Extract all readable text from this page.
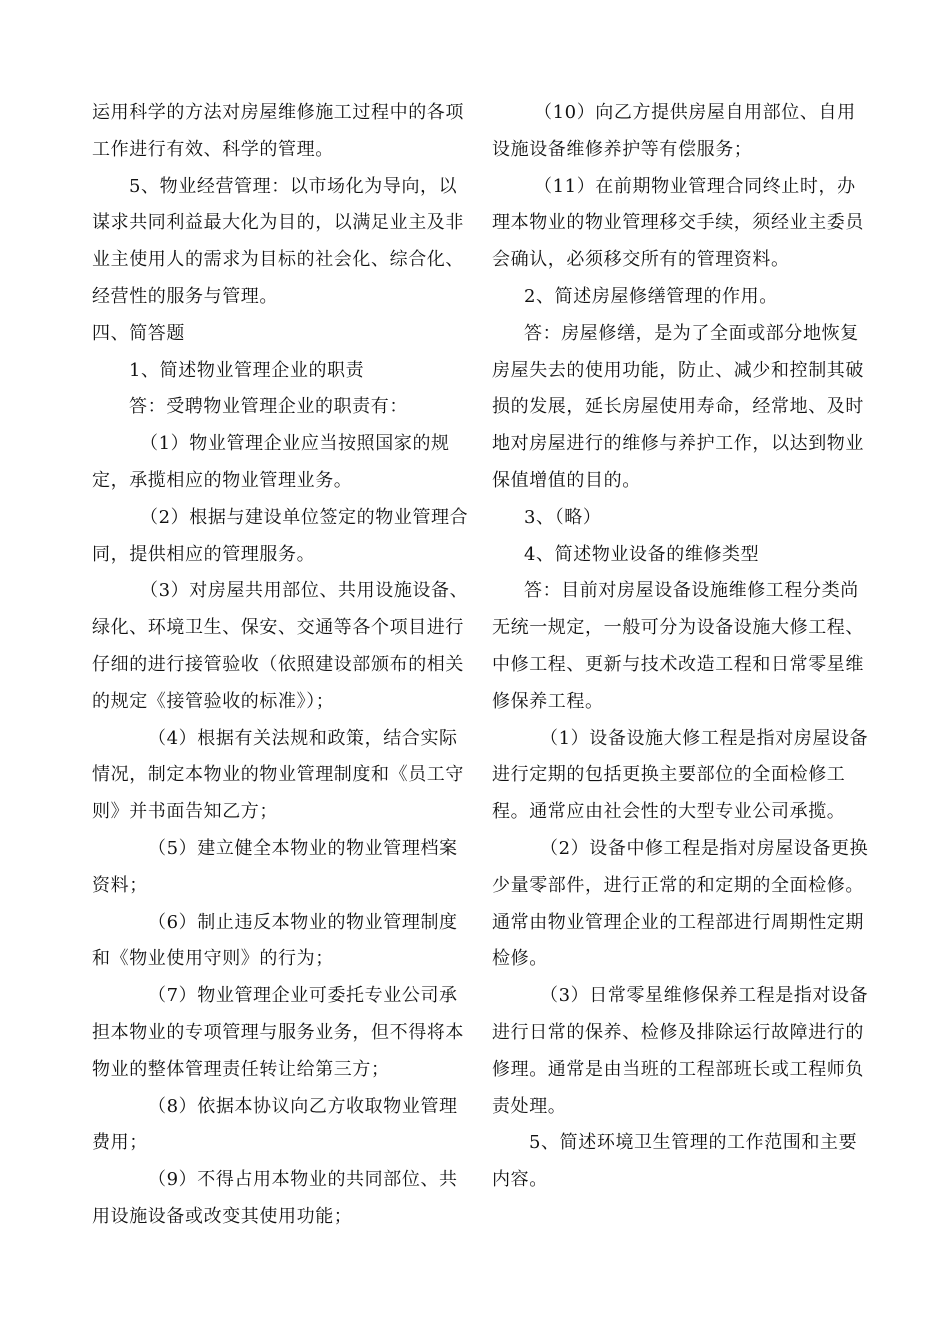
运用科学的方法对房屋维修施工过程中的各项工作进行有效、科学的管理。

5、物业经营管理：以市场化为导向，以谋求共同利益最大化为目的，以满足业主及非业主使用人的需求为目标的社会化、综合化、经营性的服务与管理。

四、简答题

1、简述物业管理企业的职责

答：受聘物业管理企业的职责有：

（1）物业管理企业应当按照国家的规定，承揽相应的物业管理业务。

（2）根据与建设单位签定的物业管理合同，提供相应的管理服务。

（3）对房屋共用部位、共用设施设备、绿化、环境卫生、保安、交通等各个项目进行仔细的进行接管验收（依照建设部颁布的相关的规定《接管验收的标准》）；

（4）根据有关法规和政策，结合实际情况，制定本物业的物业管理制度和《员工守则》并书面告知乙方；

（5）建立健全本物业的物业管理档案资料；

（6）制止违反本物业的物业管理制度和《物业使用守则》的行为；

（7）物业管理企业可委托专业公司承担本物业的专项管理与服务业务，但不得将本物业的整体管理责任转让给第三方；

（8）依据本协议向乙方收取物业管理费用；

（9）不得占用本物业的共同部位、共用设施设备或改变其使用功能；

（10）向乙方提供房屋自用部位、自用设施设备维修养护等有偿服务；

（11）在前期物业管理合同终止时，办理本物业的物业管理移交手续，须经业主委员会确认，必须移交所有的管理资料。

2、简述房屋修缮管理的作用。

答：房屋修缮，是为了全面或部分地恢复房屋失去的使用功能，防止、减少和控制其破损的发展，延长房屋使用寿命，经常地、及时地对房屋进行的维修与养护工作，以达到物业保值增值的目的。

3、（略）

4、简述物业设备的维修类型

答：目前对房屋设备设施维修工程分类尚无统一规定，一般可分为设备设施大修工程、中修工程、更新与技术改造工程和日常零星维修保养工程。

（1）设备设施大修工程是指对房屋设备进行定期的包括更换主要部位的全面检修工程。通常应由社会性的大型专业公司承揽。

（2）设备中修工程是指对房屋设备更换少量零部件，进行正常的和定期的全面检修。通常由物业管理企业的工程部进行周期性定期检修。

（3）日常零星维修保养工程是指对设备进行日常的保养、检修及排除运行故障进行的修理。通常是由当班的工程部班长或工程师负责处理。

5、简述环境卫生管理的工作范围和主要内容。
